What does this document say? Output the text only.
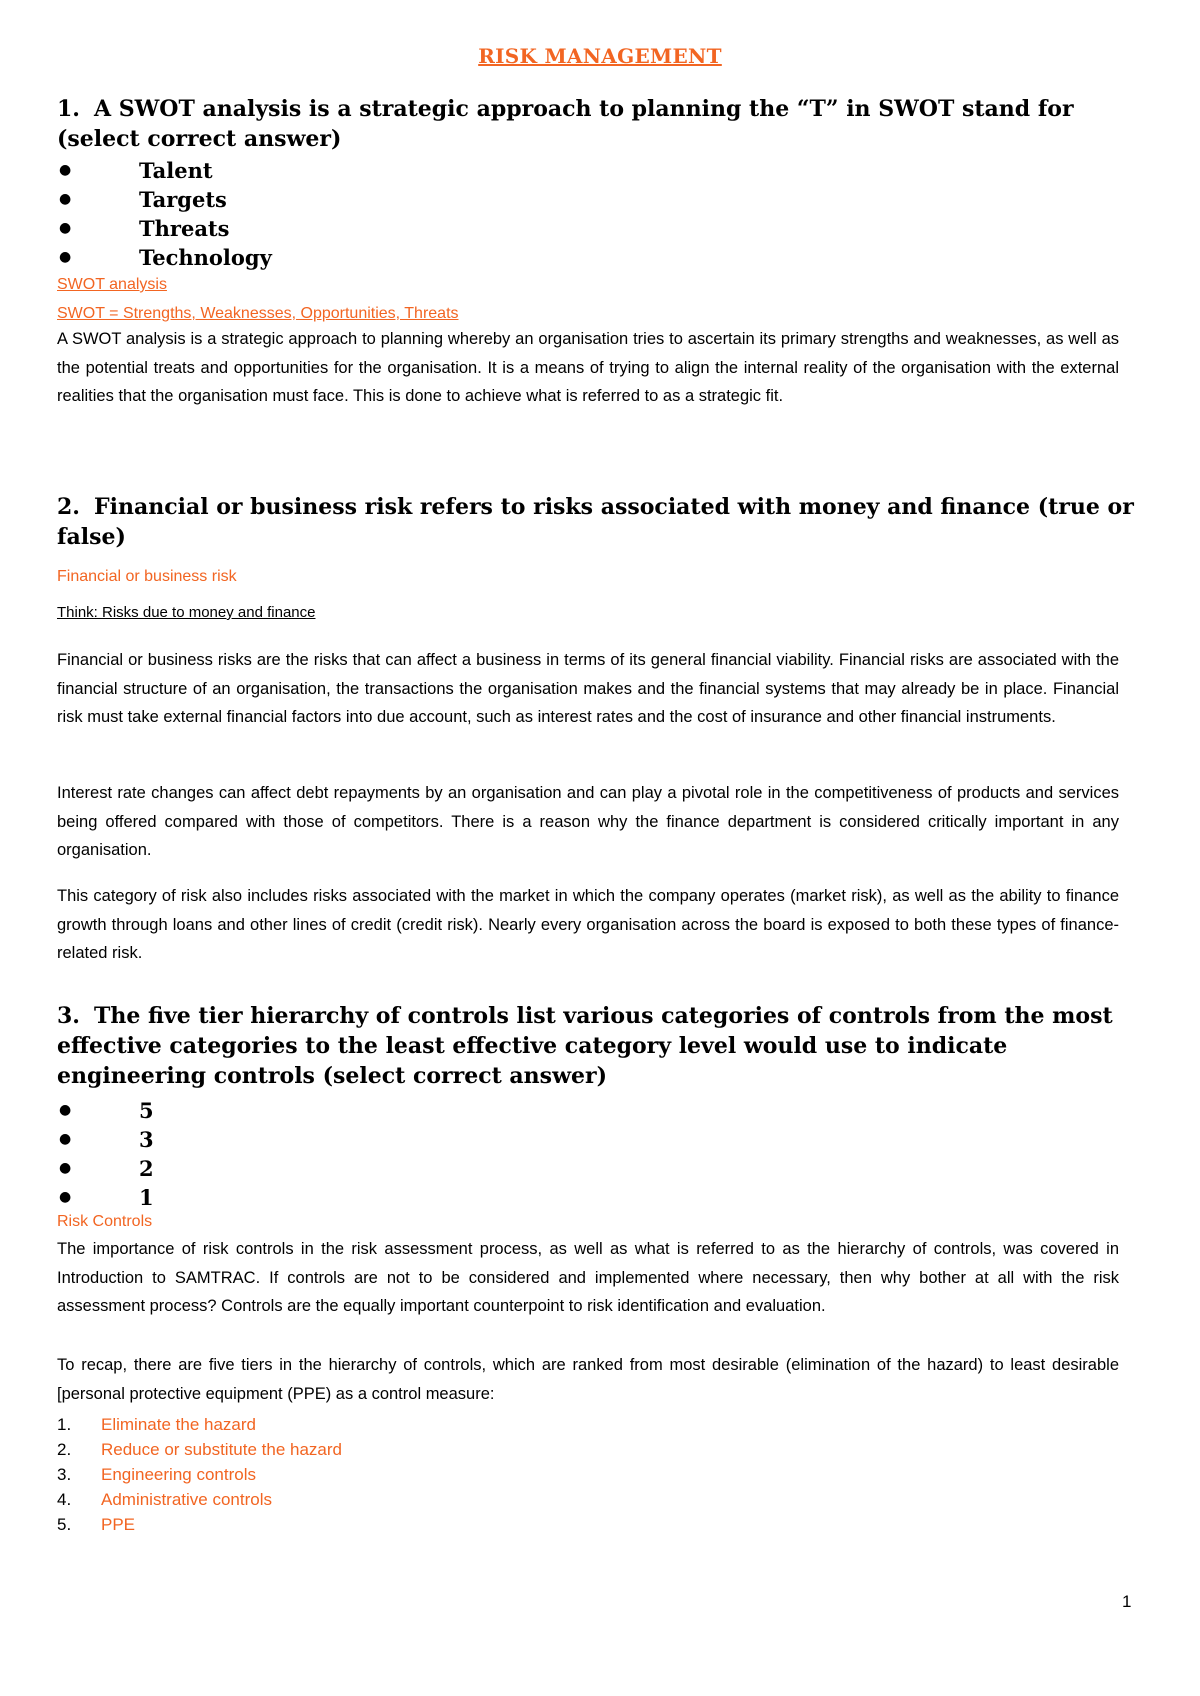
RISK MANAGEMENT
1. A SWOT analysis is a strategic approach to planning the “T” in SWOT stand for (select correct answer)
●	Talent
●	Targets
●	Threats
●	Technology
SWOT analysis
SWOT = Strengths, Weaknesses, Opportunities, Threats

A SWOT analysis is a strategic approach to planning whereby an organisation tries to ascertain its primary strengths and weaknesses, as well as the potential treats and opportunities for the organisation. It is a means of trying to align the internal reality of the organisation with the external realities that the organisation must face. This is done to achieve what is referred to as a strategic fit.

2. Financial or business risk refers to risks associated with money and finance (true or false)
Financial or business risk
Think: Risks due to money and finance

Financial or business risks are the risks that can affect a business in terms of its general financial viability. Financial risks are associated with the financial structure of an organisation, the transactions the organisation makes and the financial systems that may already be in place. Financial risk must take external financial factors into due account, such as interest rates and the cost of insurance and other financial instruments.

Interest rate changes can affect debt repayments by an organisation and can play a pivotal role in the competitiveness of products and services being offered compared with those of competitors. There is a reason why the finance department is considered critically important in any organisation.

This category of risk also includes risks associated with the market in which the company operates (market risk), as well as the ability to finance growth through loans and other lines of credit (credit risk). Nearly every organisation across the board is exposed to both these types of finance-related risk.

3. The five tier hierarchy of controls list various categories of controls from the most effective categories to the least effective category level would use to indicate engineering controls (select correct answer)
●	5
●	3
●	2
●	1
Risk Controls

The importance of risk controls in the risk assessment process, as well as what is referred to as the hierarchy of controls, was covered in Introduction to SAMTRAC. If controls are not to be considered and implemented where necessary, then why bother at all with the risk assessment process? Controls are the equally important counterpoint to risk identification and evaluation.

To recap, there are five tiers in the hierarchy of controls, which are ranked from most desirable (elimination of the hazard) to least desirable [personal protective equipment (PPE) as a control measure:

1. Eliminate the hazard
2. Reduce or substitute the hazard
3. Engineering controls
4. Administrative controls
5. PPE
1
